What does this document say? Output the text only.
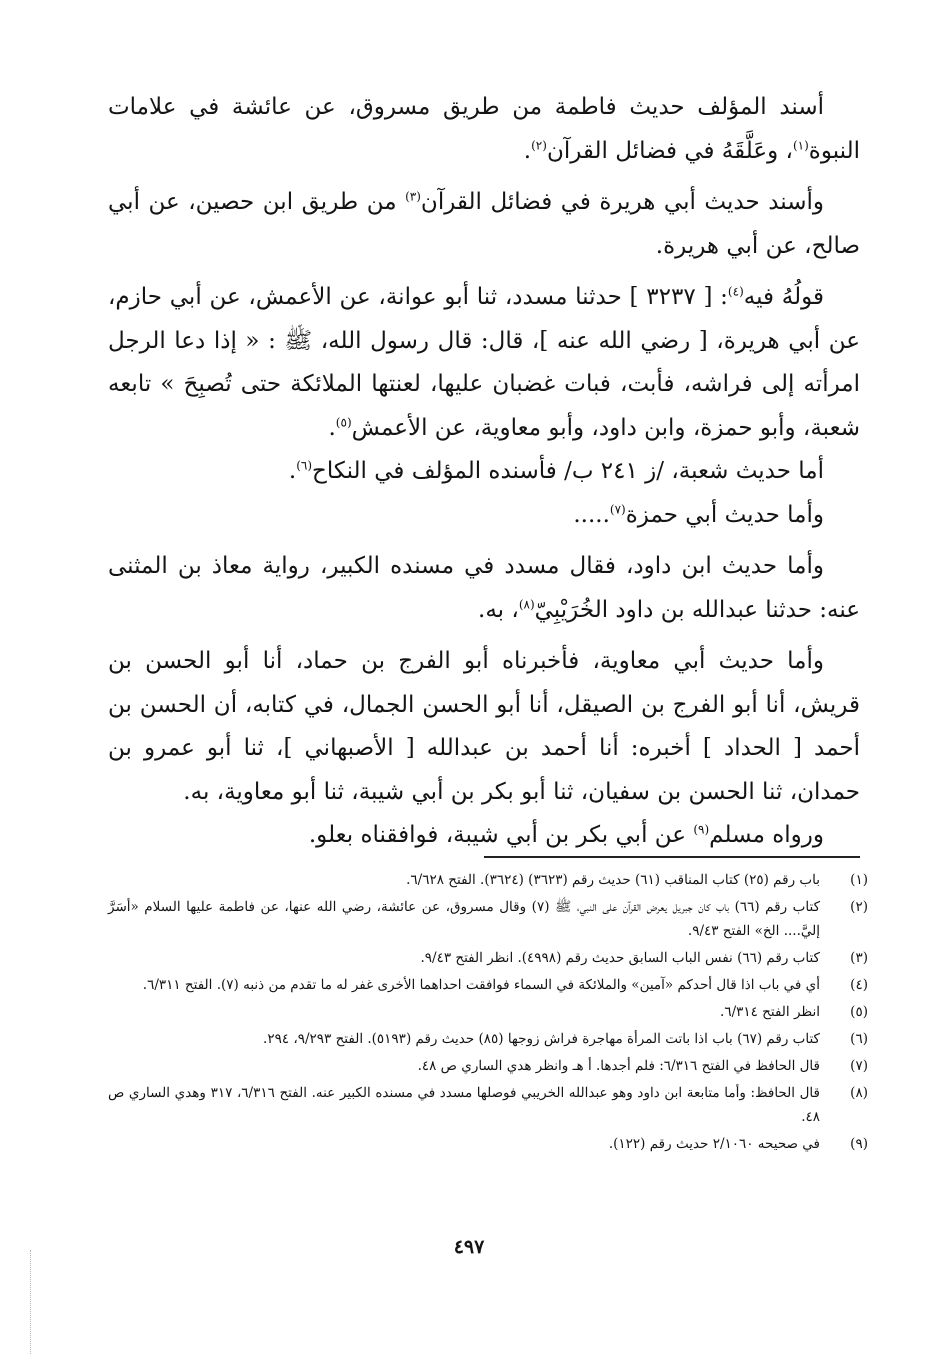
أسند المؤلف حديث فاطمة من طريق مسروق، عن عائشة في علامات النبوة$^{(١)}$، وعَلَّقَهُ في فضائل القرآن$^{(٢)}$.

وأسند حديث أبي هريرة في فضائل القرآن$^{(٣)}$ من طريق ابن حصين، عن أبي صالح، عن أبي هريرة.

قولُهُ فيه$^{(٤)}$: [ ٣٢٣٧ ] حدثنا مسدد، ثنا أبو عوانة، عن الأعمش، عن أبي حازم، عن أبي هريرة، [ رضي الله عنه ]، قال: قال رسول الله، ﷺ : « إذا دعا الرجل امرأته إلى فراشه، فأبت، فبات غضبان عليها، لعنتها الملائكة حتى تُصبِحَ » تابعه شعبة، وأبو حمزة، وابن داود، وأبو معاوية، عن الأعمش$^{(٥)}$.

أما حديث شعبة، /ز ٢٤١ ب/ فأسنده المؤلف في النكاح$^{(٦)}$.

وأما حديث أبي حمزة$^{(٧)}$.....

وأما حديث ابن داود، فقال مسدد في مسنده الكبير، رواية معاذ بن المثنى عنه: حدثنا عبدالله بن داود الخُرَيْبِيّ$^{(٨)}$، به.

وأما حديث أبي معاوية، فأخبرناه أبو الفرج بن حماد، أنا أبو الحسن بن قريش، أنا أبو الفرج بن الصيقل، أنا أبو الحسن الجمال، في كتابه، أن الحسن بن أحمد [ الحداد ] أخبره: أنا أحمد بن عبدالله [ الأصبهاني ]، ثنا أبو عمرو بن حمدان، ثنا الحسن بن سفيان، ثنا أبو بكر بن أبي شيبة، ثنا أبو معاوية، به.

ورواه مسلم$^{(٩)}$ عن أبي بكر بن أبي شيبة، فوافقناه بعلو.

(١)
باب رقم (٢٥) كتاب المناقب (٦١) حديث رقم (٣٦٢٣) (٣٦٢٤). الفتح ٦/٦٢٨.
(٢)
كتاب رقم (٦٦) باب كان جبريل يعرض القرآن على النبي، ﷺ (٧) وقال مسروق، عن عائشة، رضي الله عنها، عن فاطمة عليها السلام «أسَرَّ إليَّ.... الخ» الفتح ٩/٤٣.
(٣)
كتاب رقم (٦٦) نفس الباب السابق حديث رقم (٤٩٩٨). انظر الفتح ٩/٤٣.
(٤)
أي في باب اذا قال أحدكم «آمين» والملائكة في السماء فوافقت احداهما الأخرى غفر له ما تقدم من ذنبه (٧). الفتح ٦/٣١١.
(٥)
انظر الفتح ٦/٣١٤.
(٦)
كتاب رقم (٦٧) باب اذا باتت المرأة مهاجرة فراش زوجها (٨٥) حديث رقم (٥١٩٣). الفتح ٩/٢٩٣، ٢٩٤.
(٧)
قال الحافظ في الفتح ٦/٣١٦: فلم أجدها. أ هـ وانظر هدي الساري ص ٤٨.
(٨)
قال الحافظ: وأما متابعة ابن داود وهو عبدالله الخريبي فوصلها مسدد في مسنده الكبير عنه. الفتح ٦/٣١٦، ٣١٧ وهدي الساري ص ٤٨.
(٩)
في صحيحه ٢/١٠٦٠ حديث رقم (١٢٢).
٤٩٧
